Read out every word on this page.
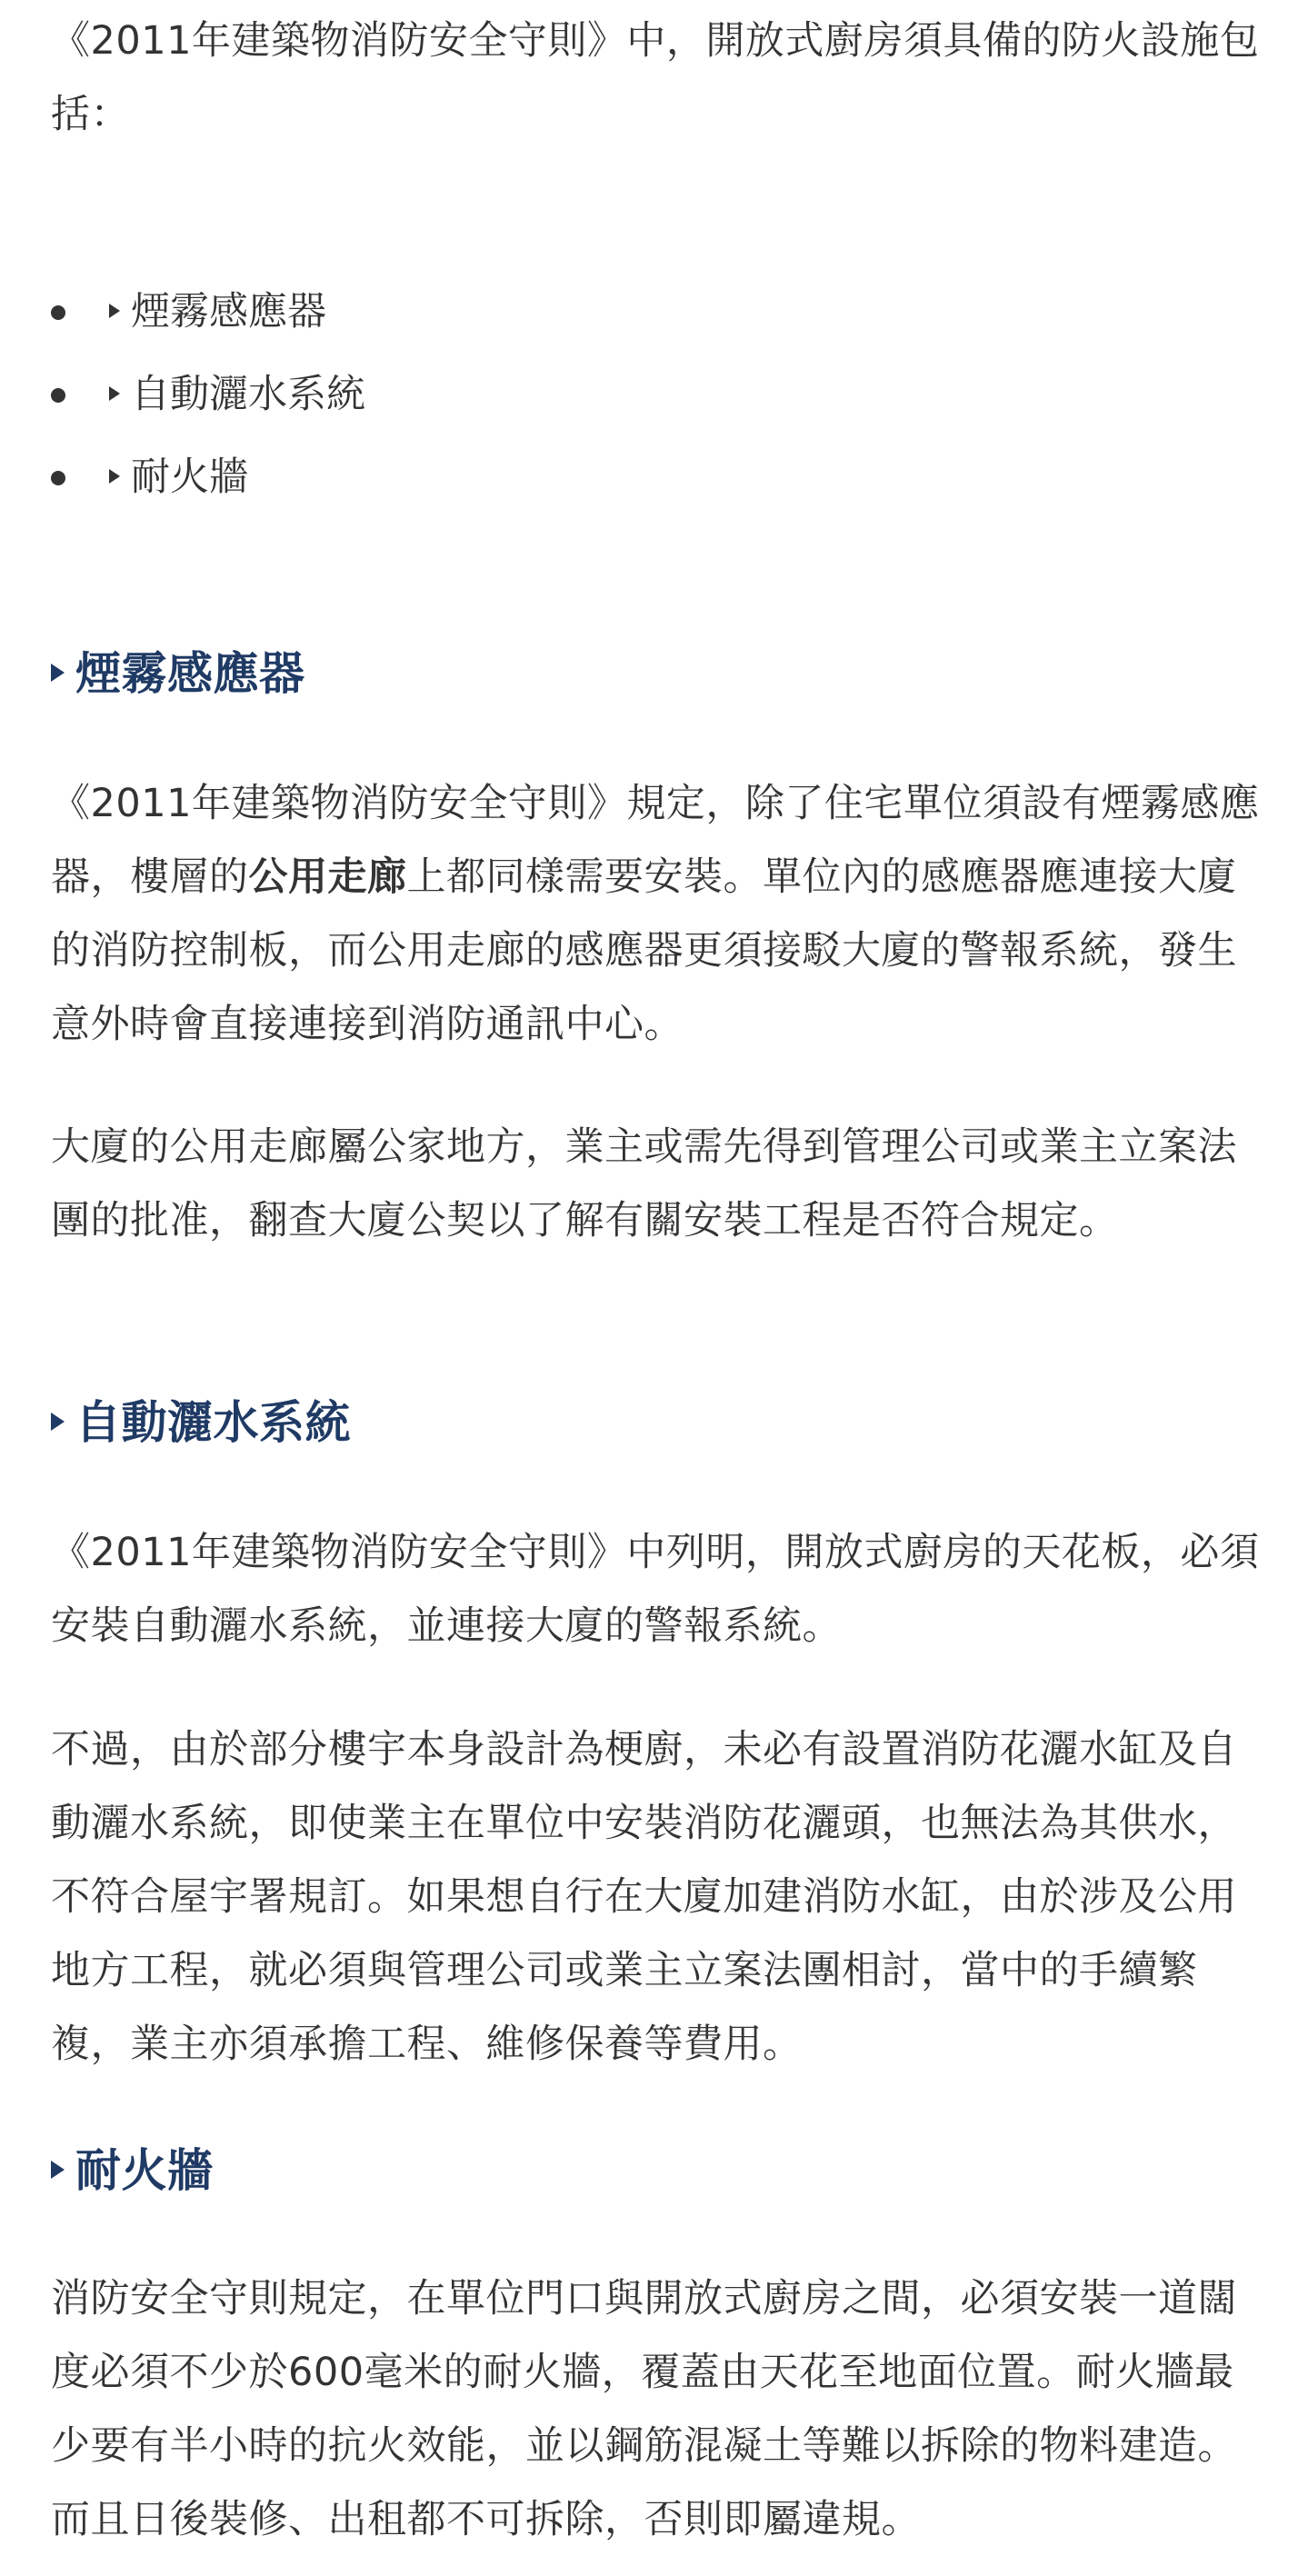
《2011年建築物消防安全守則》中，開放式廚房須具備的防火設施包括：

煙霧感應器
自動灑水系統
耐火牆
煙霧感應器

《2011年建築物消防安全守則》規定，除了住宅單位須設有煙霧感應器，樓層的公用走廊上都同樣需要安裝。單位內的感應器應連接大廈的消防控制板，而公用走廊的感應器更須接駁大廈的警報系統，發生意外時會直接連接到消防通訊中心。

大廈的公用走廊屬公家地方，業主或需先得到管理公司或業主立案法團的批准，翻查大廈公契以了解有關安裝工程是否符合規定。

自動灑水系統

《2011年建築物消防安全守則》中列明，開放式廚房的天花板，必須安裝自動灑水系統，並連接大廈的警報系統。

不過，由於部分樓宇本身設計為梗廚，未必有設置消防花灑水缸及自動灑水系統，即使業主在單位中安裝消防花灑頭，也無法為其供水，不符合屋宇署規訂。如果想自行在大廈加建消防水缸，由於涉及公用地方工程，就必須與管理公司或業主立案法團相討，當中的手續繁複，業主亦須承擔工程、維修保養等費用。

耐火牆

消防安全守則規定，在單位門口與開放式廚房之間，必須安裝一道闊度必須不少於600毫米的耐火牆，覆蓋由天花至地面位置。耐火牆最少要有半小時的抗火效能，並以鋼筋混凝土等難以拆除的物料建造。而且日後裝修、出租都不可拆除，否則即屬違規。
